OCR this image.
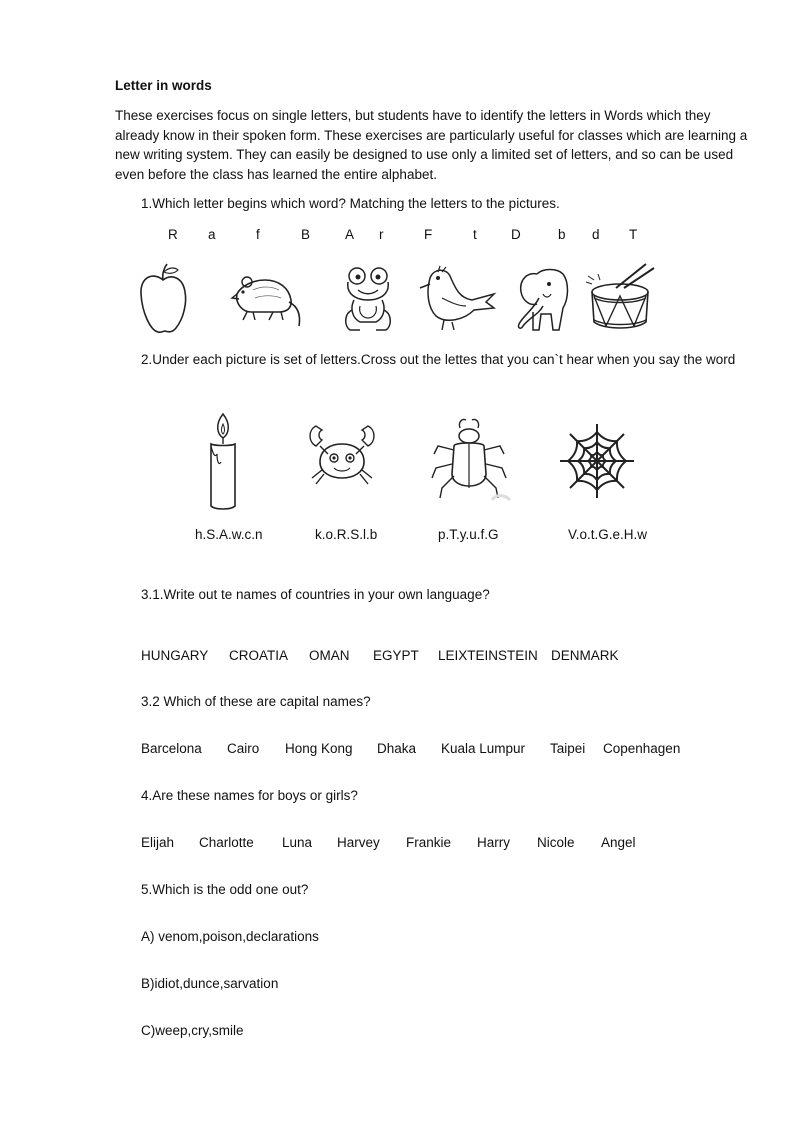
Letter in words
These exercises focus on single letters, but students have to identify the letters in Words which they already know in their spoken form. These exercises are particularly useful for classes which are learning a new writing system. They can easily be designed to use only a limited set of letters, and so can be used even before the class has learned the entire alphabet.
1.Which letter begins which word? Matching the letters to the pictures.
R a	f	B	A r	F	t	D	b d T
2.Under each picture is set of letters.Cross out the lettes that you can`t hear when you say the word
h.S.A.w.c.n	k.o.R.S.l.b	p.T.y.u.f.G	V.o.t.G.e.H.w
3.1.Write out te names of countries in your own language?
HUNGARY CROATIA OMAN EGYPT LEIXTEINSTEIN DENMARK
3.2 Which of these are capital names?
Barcelona Cairo Hong Kong Dhaka Kuala Lumpur Taipei Copenhagen
4.Are these names for boys or girls?
Elijah Charlotte Luna Harvey Frankie Harry Nicole Angel
5.Which is the odd one out?
A) venom,poison,declarations
B)idiot,dunce,sarvation
C)weep,cry,smile
